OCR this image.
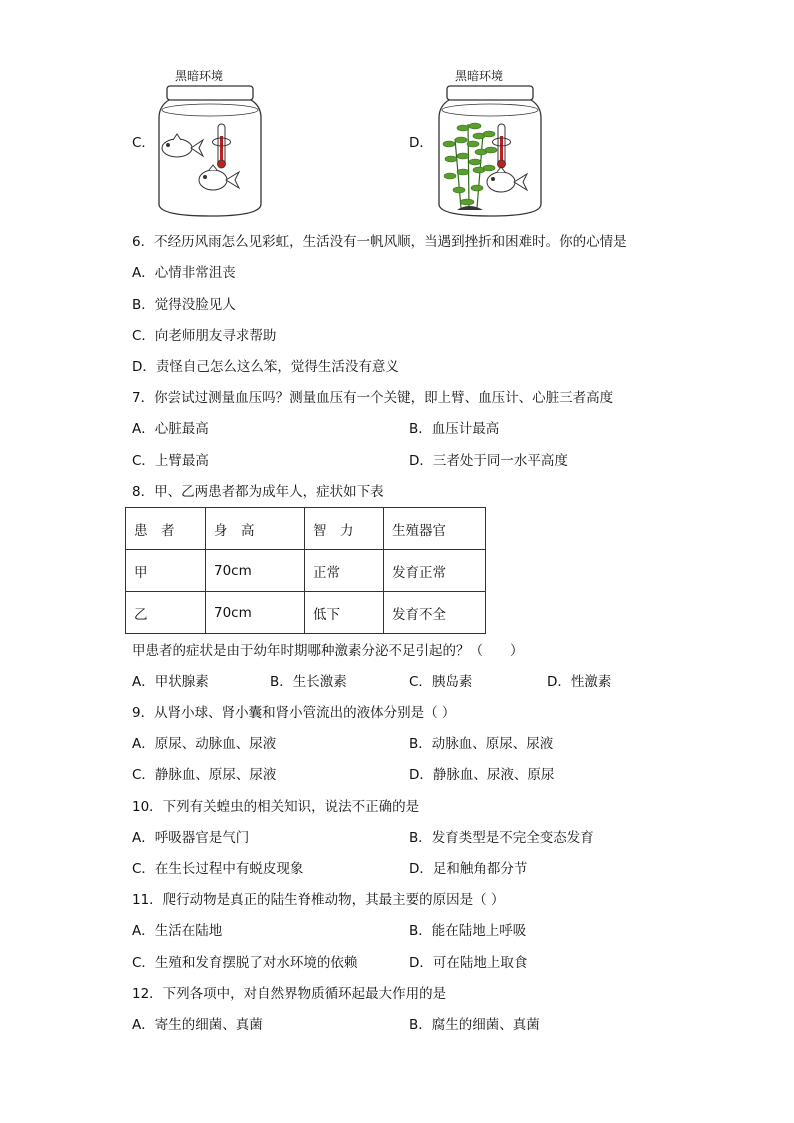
黑暗环境
C．
黑暗环境
D．
6．不经历风雨怎么见彩虹，生活没有一帆风顺，当遇到挫折和困难时。你的心情是
A．心情非常沮丧
B．觉得没脸见人
C．向老师朋友寻求帮助
D．责怪自己怎么这么笨，觉得生活没有意义
7．你尝试过测量血压吗？测量血压有一个关键，即上臂、血压计、心脏三者高度
A．心脏最高	B．血压计最高
C．上臂最高	D．三者处于同一水平高度
8．甲、乙两患者都为成年人，症状如下表
患　者	身　高	智　力	生殖器官
甲	70cm	正常	发育正常
乙	70cm	低下	发育不全
甲患者的症状是由于幼年时期哪种激素分泌不足引起的？（　　）
A．甲状腺素	B．生长激素	C．胰岛素	D．性激素
9．从肾小球、肾小囊和肾小管流出的液体分别是（ ）
A．原尿、动脉血、尿液	B．动脉血、原尿、尿液
C．静脉血、原尿、尿液	D．静脉血、尿液、原尿
10．下列有关蝗虫的相关知识，说法不正确的是
A．呼吸器官是气门	B．发育类型是不完全变态发育
C．在生长过程中有蜕皮现象	D．足和触角都分节
11．爬行动物是真正的陆生脊椎动物，其最主要的原因是（ ）
A．生活在陆地	B．能在陆地上呼吸
C．生殖和发育摆脱了对水环境的依赖	D．可在陆地上取食
12．下列各项中，对自然界物质循环起最大作用的是
A．寄生的细菌、真菌	B．腐生的细菌、真菌
